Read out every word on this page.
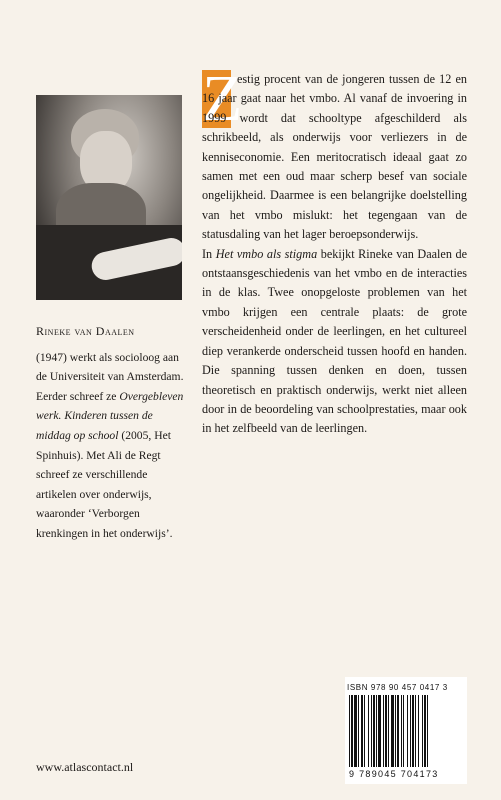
Rineke van Daalen

(1947) werkt als socioloog aan de Universiteit van Amsterdam. Eerder schreef ze Overgebleven werk. Kinderen tussen de middag op school (2005, Het Spinhuis). Met Ali de Regt schreef ze verschillende artikelen over onderwijs, waaronder ‘Verborgen krenkingen in het onderwijs’.

Z

estig procent van de jongeren tussen de 12 en 16 jaar gaat naar het vmbo. Al vanaf de invoering in 1999 wordt dat schooltype afgeschilderd als schrikbeeld, als onderwijs voor verliezers in de kenniseconomie. Een meritocratisch ideaal gaat zo samen met een oud maar scherp besef van sociale ongelijkheid. Daarmee is een belangrijke doelstelling van het vmbo mislukt: het tegengaan van de statusdaling van het lager beroepsonderwijs.

In Het vmbo als stigma bekijkt Rineke van Daalen de ontstaansgeschiedenis van het vmbo en de interacties in de klas. Twee onopgeloste problemen van het vmbo krijgen een centrale plaats: de grote verscheidenheid onder de leerlingen, en het cultureel diep verankerde onderscheid tussen hoofd en handen. Die spanning tussen denken en doen, tussen theoretisch en praktisch onderwijs, werkt niet alleen door in de beoordeling van schoolprestaties, maar ook in het zelfbeeld van de leerlingen.

ISBN 978 90 457 0417 3
9 789045 704173
www.atlascontact.nl
